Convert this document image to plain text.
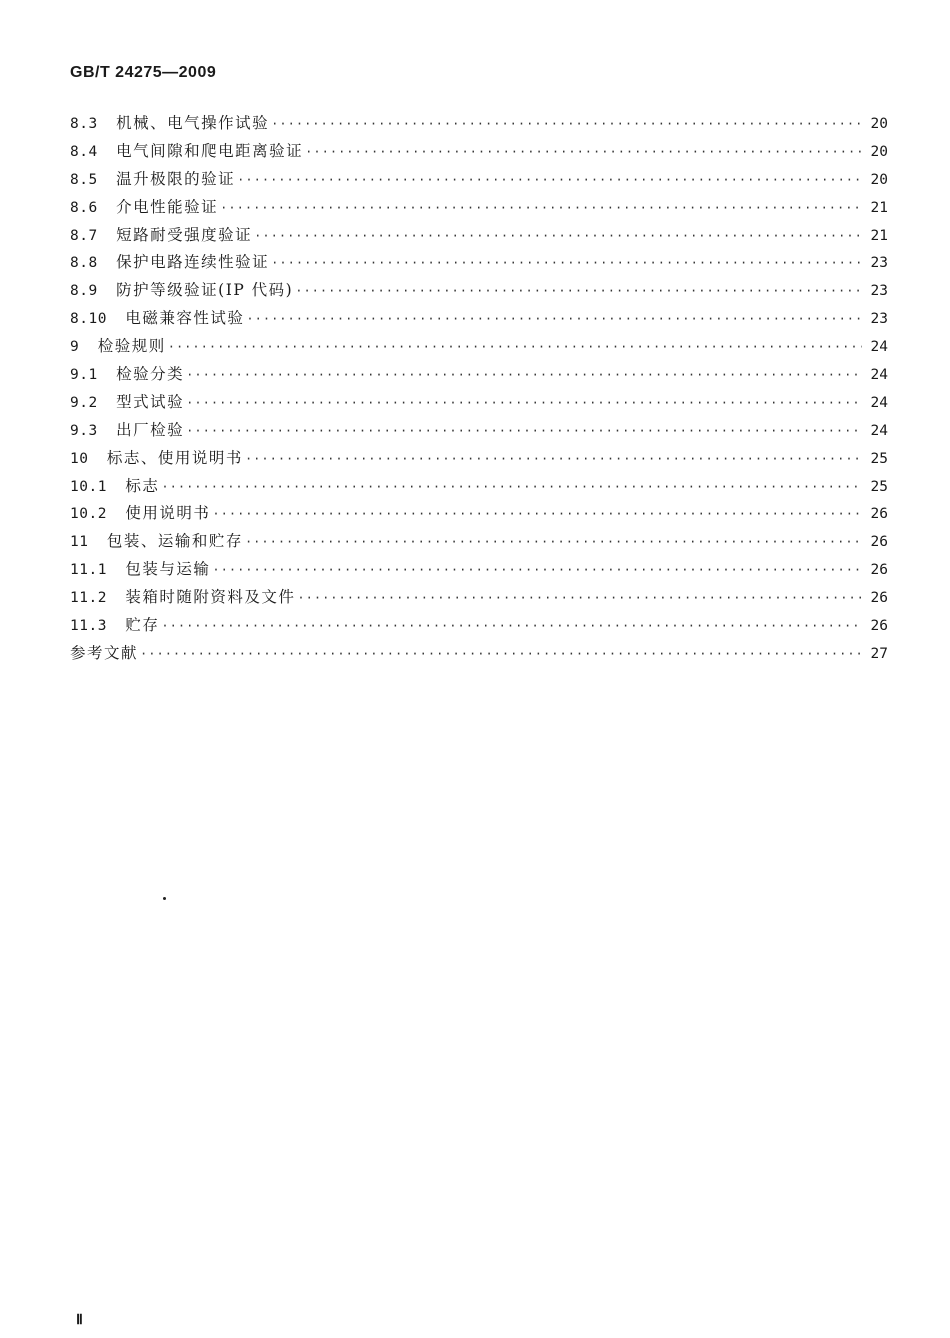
GB/T 24275—2009
8.3 机械、电气操作试验 ·····	20
8.4 电气间隙和爬电距离验证 ·····	20
8.5 温升极限的验证 ·····	20
8.6 介电性能验证 ·····	21
8.7 短路耐受强度验证 ·····	21
8.8 保护电路连续性验证 ·····	23
8.9 防护等级验证(IP 代码) ·····	23
8.10 电磁兼容性试验 ·····	23
9 检验规则 ·····	24
9.1 检验分类 ·····	24
9.2 型式试验 ·····	24
9.3 出厂检验 ·····	24
10 标志、使用说明书 ·····	25
10.1 标志 ·····	25
10.2 使用说明书 ·····	26
11 包装、运输和贮存 ·····	26
11.1 包装与运输 ·····	26
11.2 装箱时随附资料及文件 ·····	26
11.3 贮存 ·····	26
参考文献 ·····	27
Ⅱ
